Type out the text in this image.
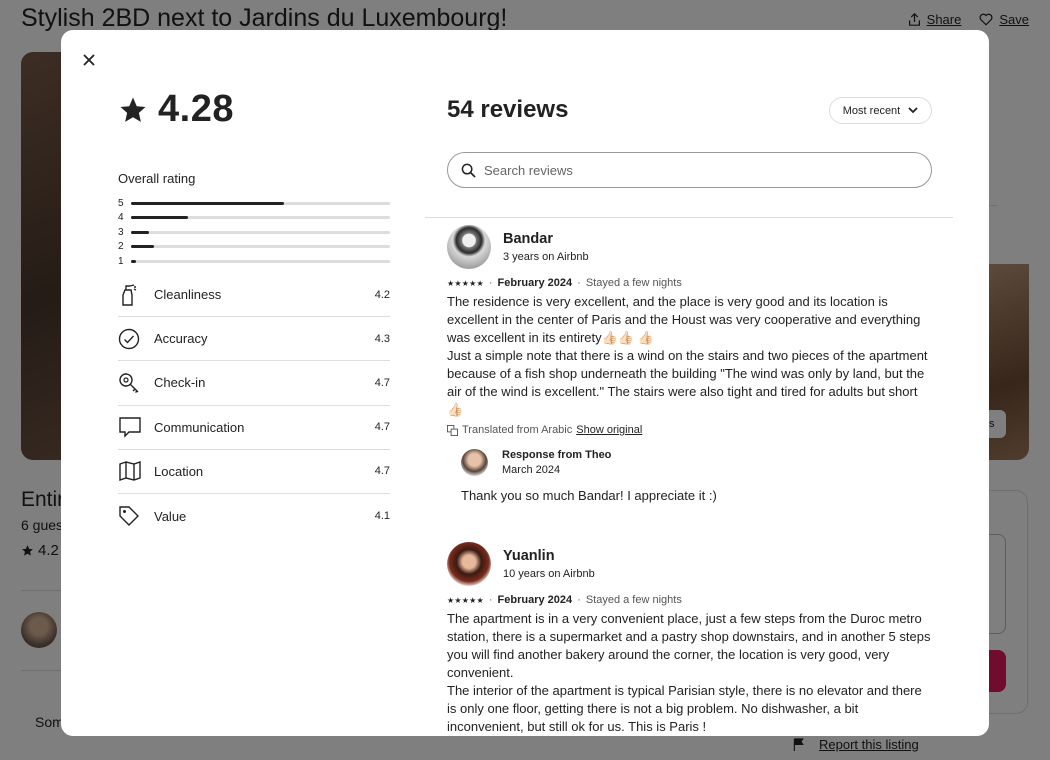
4.28
Overall rating
5
4
3
2
1
Cleanliness	4.2
Accuracy	4.3
Check-in	4.7
Communication	4.7
Location	4.7
Value	4.1
54 reviews	Most recent
Search reviews
Bandar
3 years on Airbnb
★★★★★ · February 2024 · Stayed a few nights
The residence is very excellent, and the place is very good and its location is excellent in the center of Paris and the Houst was very cooperative and everything was excellent in its entirety👍🏻👍🏻 👍🏻
Just a simple note that there is a wind on the stairs and two pieces of the apartment because of a fish shop underneath the building "The wind was only by land, but the air of the wind is excellent." The stairs were also tight and tired for adults but short👍🏻
Translated from Arabic Show original
Response from Theo
March 2024
Thank you so much Bandar! I appreciate it :)
Yuanlin
10 years on Airbnb
★★★★★ · February 2024 · Stayed a few nights
The apartment is in a very convenient place, just a few steps from the Duroc metro station, there is a supermarket and a pastry shop downstairs, and in another 5 steps you will find another bakery around the corner, the location is very good, very convenient.
The interior of the apartment is typical Parisian style, there is no elevator and there is only one floor, getting there is not a big problem. No dishwasher, a bit inconvenient, but still ok for us. This is Paris !
